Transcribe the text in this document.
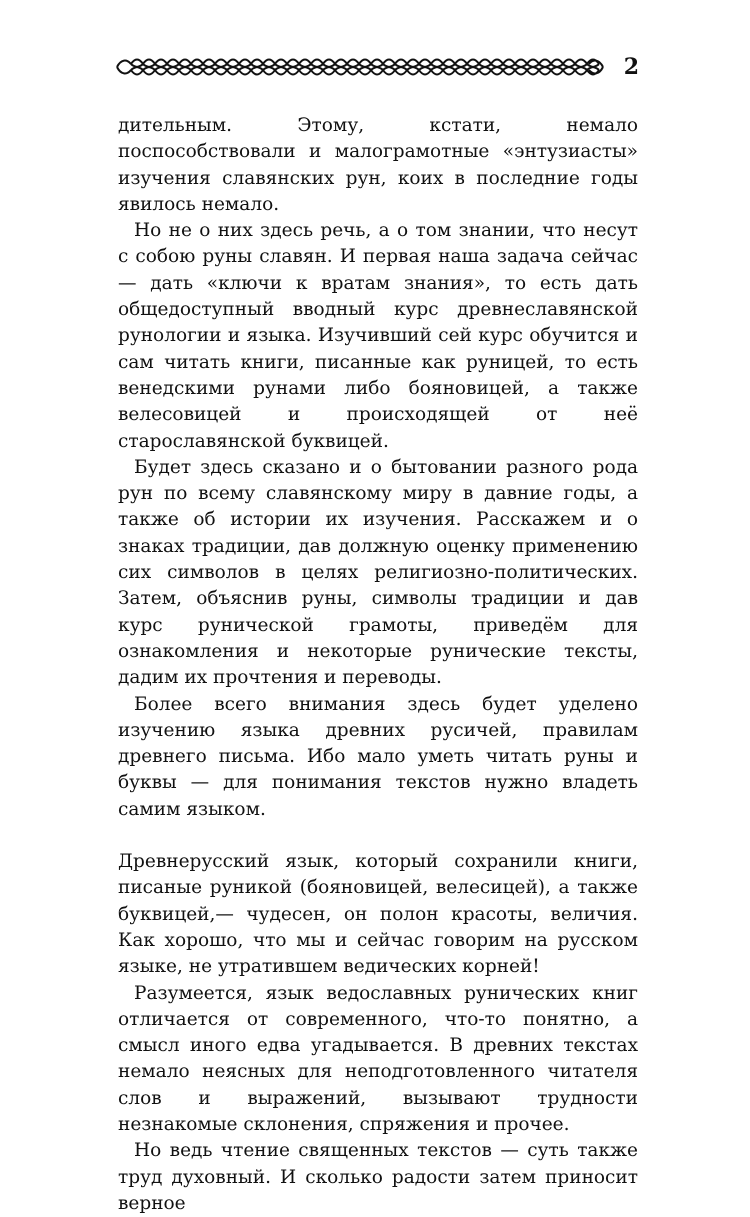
2

дительным. Этому, кстати, немало поспособствовали и малограмотные «энтузиасты» изучения славянских рун, коих в последние годы явилось немало.

Но не о них здесь речь, а о том знании, что несут с собою руны славян. И первая наша задача сейчас — дать «ключи к вратам знания», то есть дать общедоступный вводный курс древнеславянской рунологии и языка. Изучивший сей курс обучится и сам читать книги, писанные как руницей, то есть венедскими рунами либо бояновицей, а также велесовицей и происходящей от неё старославянской буквицей.

Будет здесь сказано и о бытовании разного рода рун по всему славянскому миру в давние годы, а также об истории их изучения. Расскажем и о знаках традиции, дав должную оценку применению сих символов в целях религиозно-политических. Затем, объяснив руны, символы традиции и дав курс рунической грамоты, приведём для ознакомления и некоторые рунические тексты, дадим их прочтения и переводы.

Более всего внимания здесь будет уделено изучению языка древних русичей, правилам древнего письма. Ибо мало уметь читать руны и буквы — для понимания текстов нужно владеть самим языком.

Древнерусский язык, который сохранили книги, писаные руникой (бояновицей, велесицей), а также буквицей,— чудесен, он полон красоты, величия. Как хорошо, что мы и сейчас говорим на русском языке, не утратившем ведических корней!

Разумеется, язык ведославных рунических книг отличается от современного, что-то понятно, а смысл иного едва угадывается. В древних текстах немало неясных для неподготовленного читателя слов и выражений, вызывают трудности незнакомые склонения, спряжения и прочее.

Но ведь чтение священных текстов — суть также труд духовный. И сколько радости затем приносит верное
